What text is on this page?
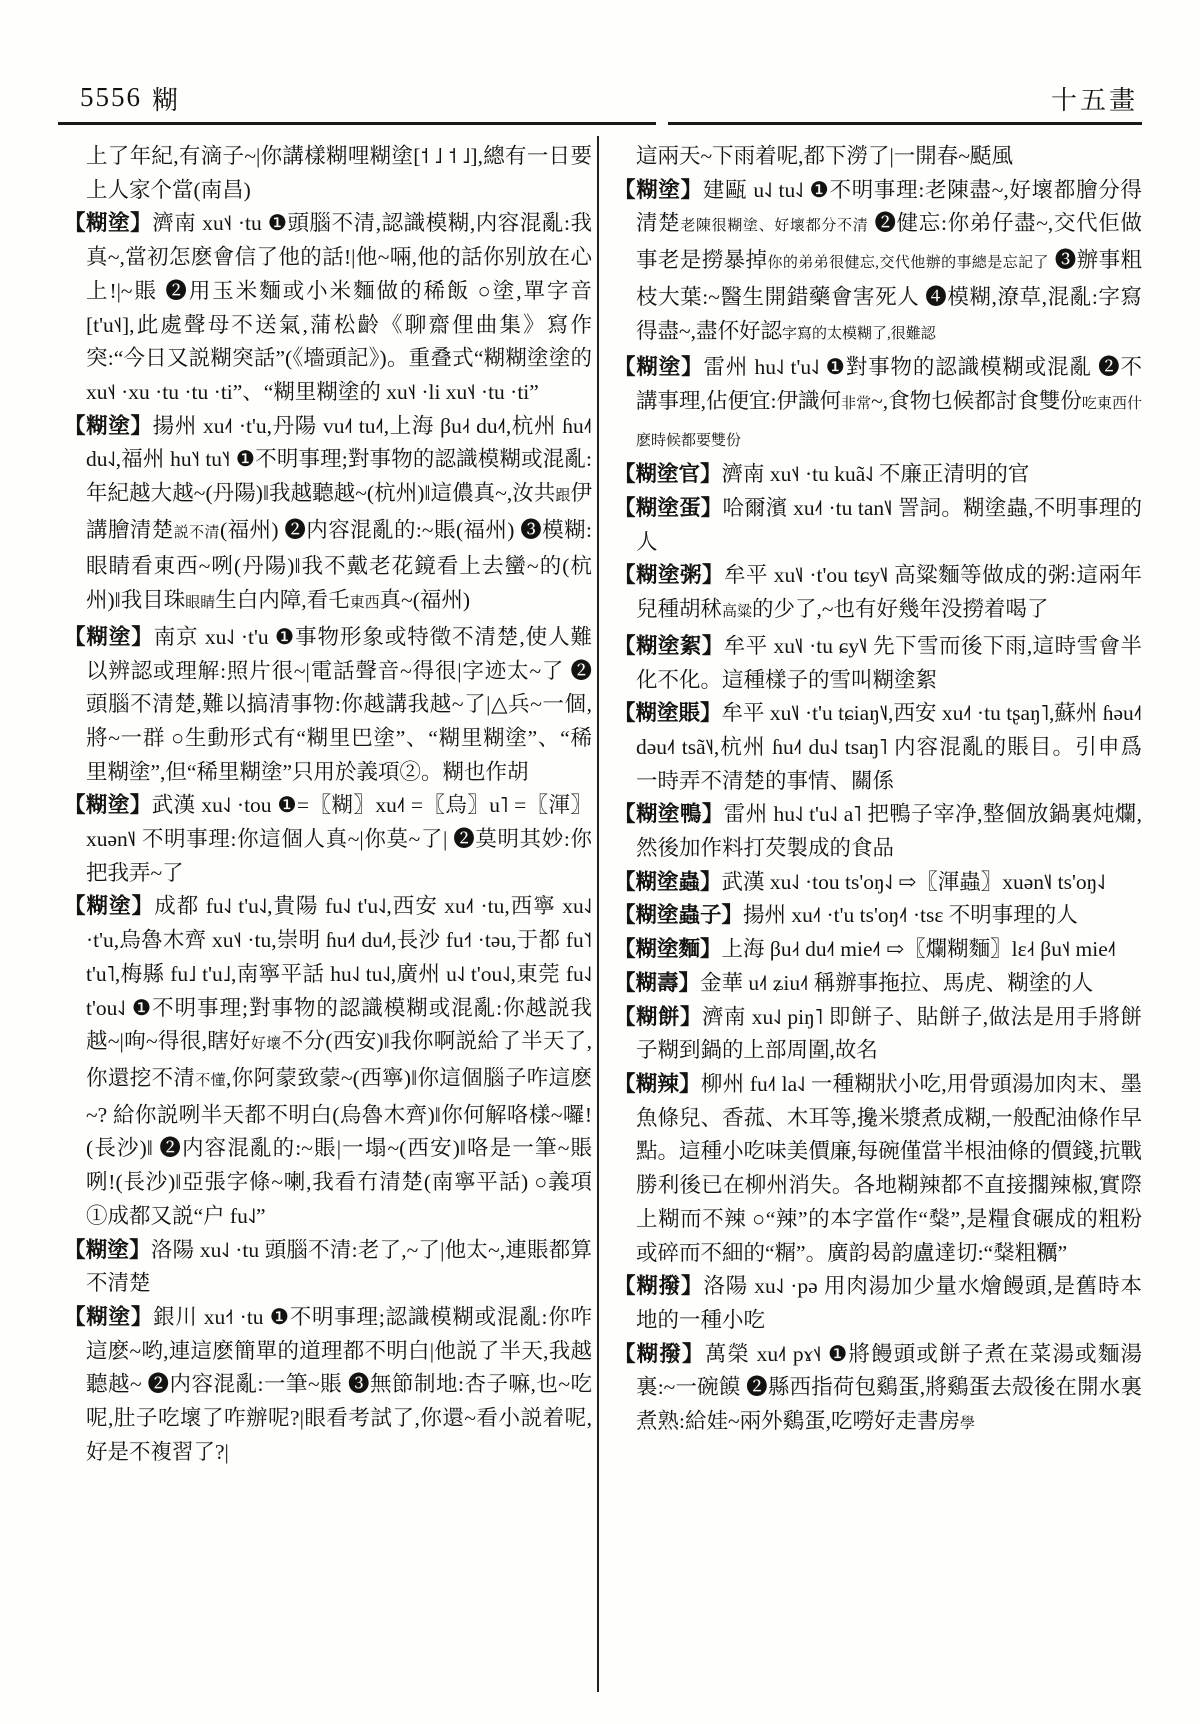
5556 糊	十五畫
上了年紀,有滴子~|你講樣糊哩糊塗[˦ ˩ ˦ ˩],總有一日要上人家个當(南昌)
【糊塗】濟南 xu˦˨ ·tu ❶頭腦不清,認識模糊,内容混亂:我真~,當初怎麽會信了他的話!|他~啢,他的話你别放在心上!|~賬 ❷用玉米麵或小米麵做的稀飯 ○塗,單字音[t'u˦˨],此處聲母不送氣,蒲松齡《聊齋俚曲集》寫作突:“今日又説糊突話”(《墻頭記》)。重叠式“糊糊塗塗的 xu˦˨ ·xu ·tu ·tu ·ti”、“糊里糊塗的 xu˦˨ ·li xu˦˨ ·tu ·ti”
【糊塗】揚州 xu˨˦ ·t'u,丹陽 vu˨˦ tu˨˦,上海 βu˨˧ du˨˦,杭州 ɦu˨˦ du˨˩,福州 hu˥˧ tu˥˧ ❶不明事理;對事物的認識模糊或混亂:年紀越大越~(丹陽)‖我越聽越~(杭州)‖這儂真~,汝共跟伊講膾清楚説不清(福州) ❷内容混亂的:~賬(福州) ❸模糊:眼睛看東西~咧(丹陽)‖我不戴老花鏡看上去蠻~的(杭州)‖我目珠眼睛生白内障,看乇東西真~(福州)
【糊塗】南京 xu˨˩ ·t'u ❶事物形象或特徵不清楚,使人難以辨認或理解:照片很~|電話聲音~得很|字迹太~了 ❷頭腦不清楚,難以搞清事物:你越講我越~了|△兵~一個,將~一群 ○生動形式有“糊里巴塗”、“糊里糊塗”、“稀里糊塗”,但“稀里糊塗”只用於義項②。糊也作胡
【糊塗】武漢 xu˨˩ ·tou ❶=〖糊〗xu˨˦ =〖烏〗u˥ =〖渾〗xuən˥˩ 不明事理:你這個人真~|你莫~了| ❷莫明其妙:你把我弄~了
【糊塗】成都 fu˨˩ t'u˨˩,貴陽 fu˨˩ t'u˨˩,西安 xu˨˦ ·tu,西寧 xu˨˩ ·t'u,烏魯木齊 xu˦˨ ·tu,崇明 ɦu˨˦ du˨˦,長沙 fu˧˦ ·təu,于都 fu˥˦ t'u˥,梅縣 fu˩ t'u˩,南寧平話 hu˨˩ tu˨˩,廣州 u˨˩ t'ou˨˩,東莞 fu˨˩ t'ou˨˩ ❶不明事理;對事物的認識模糊或混亂:你越説我越~|咰~得很,瞎好好壞不分(西安)‖我你啊説給了半天了,你還挖不清不懂,你阿蒙致蒙~(西寧)‖你這個腦子咋這麽~? 給你説咧半天都不明白(烏魯木齊)‖你何解咯樣~囉!(長沙)‖ ❷内容混亂的:~賬|一塌~(西安)‖咯是一筆~賬咧!(長沙)‖亞張字條~喇,我看冇清楚(南寧平話) ○義項①成都又説“户 fu˨˩”
【糊塗】洛陽 xu˨˩ ·tu 頭腦不清:老了,~了|他太~,連賬都算不清楚
【糊塗】銀川 xu˧˦ ·tu ❶不明事理;認識模糊或混亂:你咋這麽~哟,連這麽簡單的道理都不明白|他説了半天,我越聽越~ ❷内容混亂:一筆~賬 ❸無節制地:杏子嘛,也~吃呢,肚子吃壞了咋辦呢?|眼看考試了,你還~看小説着呢,好是不複習了?|
這兩天~下雨着呢,都下澇了|一開春~颳風
【糊塗】建甌 u˨˩ tu˨˩ ❶不明事理:老陳盡~,好壞都膾分得清楚老陳很糊塗、好壞都分不清 ❷健忘:你弟仔盡~,交代佢做事老是撈暴掉你的弟弟很健忘,交代他辦的事總是忘記了 ❸辦事粗枝大葉:~醫生開錯藥會害死人 ❹模糊,潦草,混亂:字寫得盡~,盡伓好認字寫的太模糊了,很難認
【糊塗】雷州 hu˨˩ t'u˨˩ ❶對事物的認識模糊或混亂 ❷不講事理,佔便宜:伊識何非常~,食物乜候都討食雙份吃東西什麽時候都要雙份
【糊塗官】濟南 xu˦˨ ·tu kuã˨˩ 不廉正清明的官
【糊塗蛋】哈爾濱 xu˨˦ ·tu tan˥˩ 詈詞。糊塗蟲,不明事理的人
【糊塗粥】牟平 xu˥˩ ·t'ou tɕy˥˩ 高粱麵等做成的粥:這兩年兒種胡秫高粱的少了,~也有好幾年没撈着喝了
【糊塗絮】牟平 xu˥˩ ·tu ɕy˥˩ 先下雪而後下雨,這時雪會半化不化。這種樣子的雪叫糊塗絮
【糊塗賬】牟平 xu˥˩ ·t'u tɕiaŋ˥˩,西安 xu˨˦ ·tu tʂaŋ˥,蘇州 ɦəu˨˦ dəu˨˦ tsã˥˨,杭州 ɦu˨˦ du˨˩ tsaŋ˥ 内容混亂的賬目。引申爲一時弄不清楚的事情、關係
【糊塗鴨】雷州 hu˨˩ t'u˨˩ a˥ 把鴨子宰净,整個放鍋裏炖爛,然後加作料打芡製成的食品
【糊塗蟲】武漢 xu˨˩ ·tou ts'oŋ˨˩ ⇨〖渾蟲〗xuən˥˩ ts'oŋ˨˩
【糊塗蟲子】揚州 xu˨˦ ·t'u ts'oŋ˨˦ ·tsɛ 不明事理的人
【糊塗麵】上海 βu˨˧ du˨˦ mie˨˦ ⇨〖爛糊麵〗lɛ˨˧ βu˦˨ mie˨˦
【糊壽】金華 u˨˦ ʑiu˨˦ 稱辦事拖拉、馬虎、糊塗的人
【糊餅】濟南 xu˨˩ piŋ˥ 即餅子、貼餅子,做法是用手將餅子糊到鍋的上部周圍,故名
【糊辣】柳州 fu˨˦ la˨˩ 一種糊狀小吃,用骨頭湯加肉末、墨魚條兒、香菰、木耳等,攙米漿煮成糊,一般配油條作早點。這種小吃味美價廉,每碗僅當半根油條的價錢,抗戰勝利後已在柳州消失。各地糊辣都不直接擱辣椒,實際上糊而不辣 ○“辣”的本字當作“𥻦”,是糧食碾成的粗粉或碎而不細的“糏”。廣韵曷韵盧達切:“𥻦粗糲”
【糊撥】洛陽 xu˨˩ ·pə 用肉湯加少量水燴饅頭,是舊時本地的一種小吃
【糊撥】萬榮 xu˨˦ pɤ˦˨ ❶將饅頭或餅子煮在菜湯或麵湯裏:~一碗饃 ❷縣西指荷包鷄蛋,將鷄蛋去殻後在開水裏煮熟:給娃~兩外鷄蛋,吃嘮好走書房學
